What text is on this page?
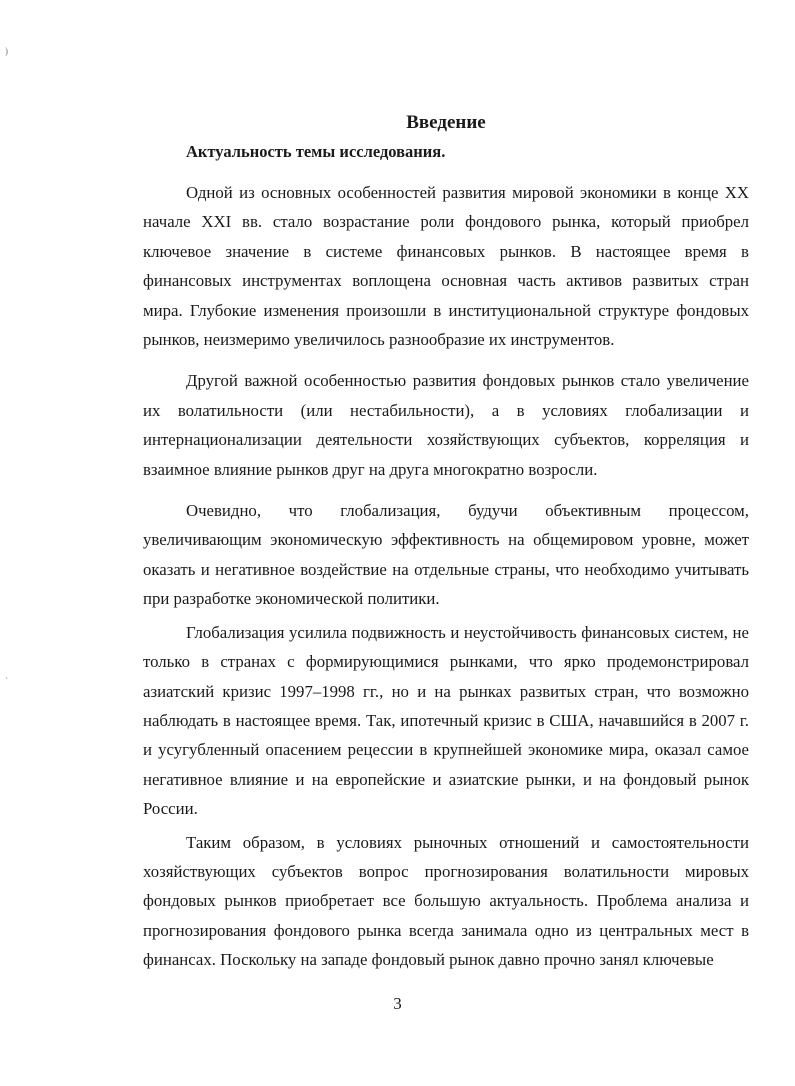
)
`
Введение
Актуальность темы исследования.

Одной из основных особенностей развития мировой экономики в конце XX начале XXI вв. стало возрастание роли фондового рынка, который приобрел ключевое значение в системе финансовых рынков. В настоящее время в финансовых инструментах воплощена основная часть активов развитых стран мира. Глубокие изменения произошли в институциональной структуре фондовых рынков, неизмеримо увеличилось разнообразие их инструментов.

Другой важной особенностью развития фондовых рынков стало увеличение их волатильности (или нестабильности), а в условиях глобализации и интернационализации деятельности хозяйствующих субъектов, корреляция и взаимное влияние рынков друг на друга многократно возросли.

Очевидно, что глобализация, будучи объективным процессом, увеличивающим экономическую эффективность на общемировом уровне, может оказать и негативное воздействие на отдельные страны, что необходимо учитывать при разработке экономической политики.

Глобализация усилила подвижность и неустойчивость финансовых систем, не только в странах с формирующимися рынками, что ярко продемонстрировал азиатский кризис 1997–1998 гг., но и на рынках развитых стран, что возможно наблюдать в настоящее время. Так, ипотечный кризис в США, начавшийся в 2007 г. и усугубленный опасением рецессии в крупнейшей экономике мира, оказал самое негативное влияние и на европейские и азиатские рынки, и на фондовый рынок России.

Таким образом, в условиях рыночных отношений и самостоятельности хозяйствующих субъектов вопрос прогнозирования волатильности мировых фондовых рынков приобретает все большую актуальность. Проблема анализа и прогнозирования фондового рынка всегда занимала одно из центральных мест в финансах. Поскольку на западе фондовый рынок давно прочно занял ключевые

3
